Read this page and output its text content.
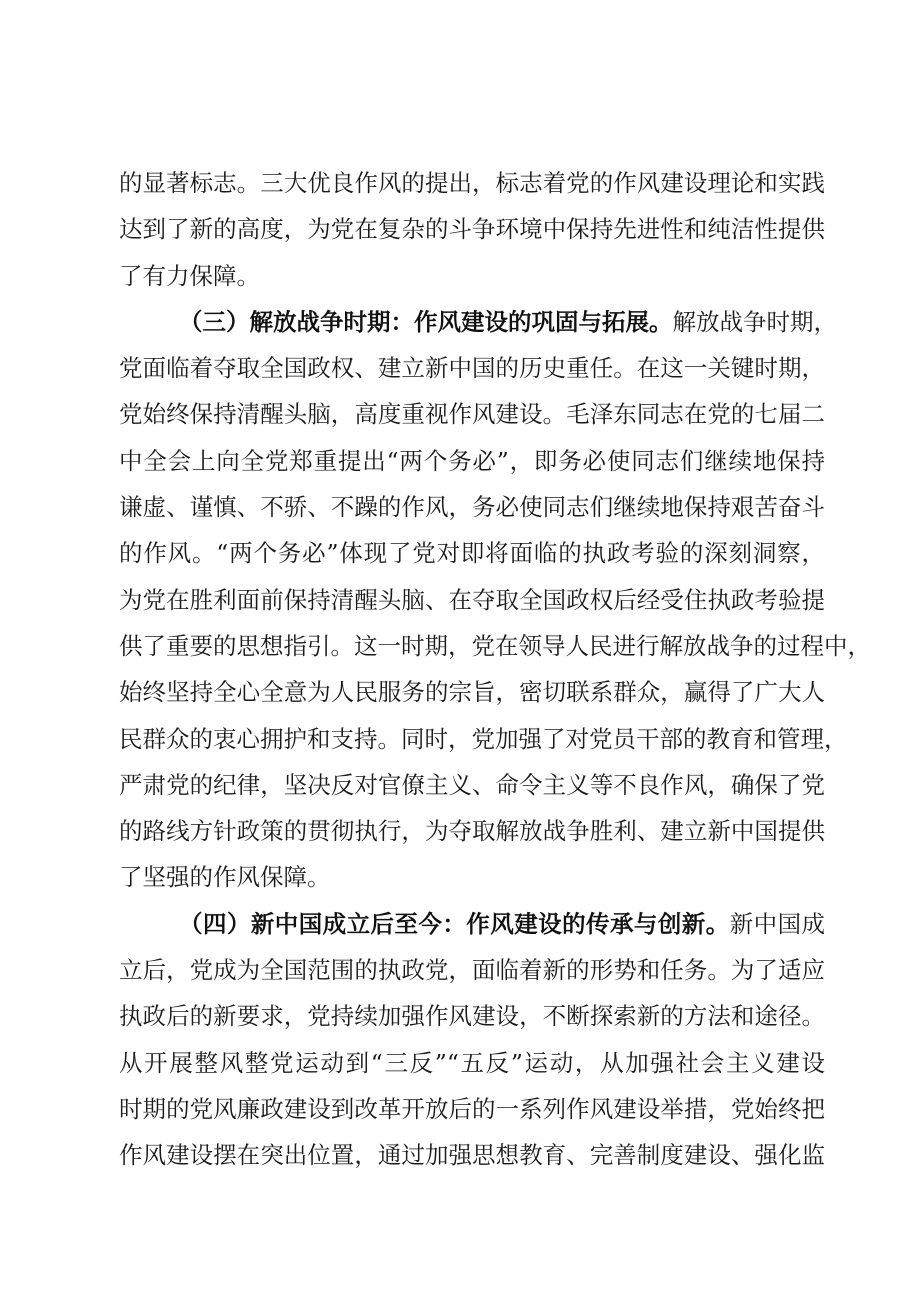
的显著标志。三大优良作风的提出，标志着党的作风建设理论和实践
达到了新的高度，为党在复杂的斗争环境中保持先进性和纯洁性提供
了有力保障。
（三）解放战争时期：作风建设的巩固与拓展。解放战争时期，
党面临着夺取全国政权、建立新中国的历史重任。在这一关键时期，
党始终保持清醒头脑，高度重视作风建设。毛泽东同志在党的七届二
中全会上向全党郑重提出“两个务必”，即务必使同志们继续地保持
谦虚、谨慎、不骄、不躁的作风，务必使同志们继续地保持艰苦奋斗
的作风。“两个务必”体现了党对即将面临的执政考验的深刻洞察，
为党在胜利面前保持清醒头脑、在夺取全国政权后经受住执政考验提
供了重要的思想指引。这一时期，党在领导人民进行解放战争的过程中，
始终坚持全心全意为人民服务的宗旨，密切联系群众，赢得了广大人
民群众的衷心拥护和支持。同时，党加强了对党员干部的教育和管理，
严肃党的纪律，坚决反对官僚主义、命令主义等不良作风，确保了党
的路线方针政策的贯彻执行，为夺取解放战争胜利、建立新中国提供
了坚强的作风保障。
（四）新中国成立后至今：作风建设的传承与创新。新中国成
立后，党成为全国范围的执政党，面临着新的形势和任务。为了适应
执政后的新要求，党持续加强作风建设，不断探索新的方法和途径。
从开展整风整党运动到“三反”“五反”运动，从加强社会主义建设
时期的党风廉政建设到改革开放后的一系列作风建设举措，党始终把
作风建设摆在突出位置，通过加强思想教育、完善制度建设、强化监
